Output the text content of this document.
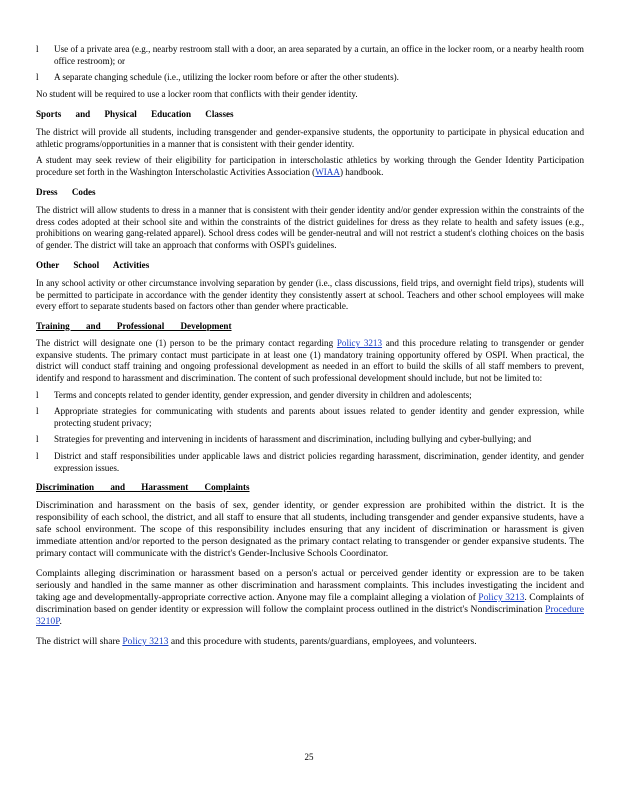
l	Use of a private area (e.g., nearby restroom stall with a door, an area separated by a curtain, an office in the locker room, or a nearby health room office restroom); or
l	A separate changing schedule (i.e., utilizing the locker room before or after the other students).

No student will be required to use a locker room that conflicts with their gender identity.

Sports and Physical Education Classes

The district will provide all students, including transgender and gender-expansive students, the opportunity to participate in physical education and athletic programs/opportunities in a manner that is consistent with their gender identity.

A student may seek review of their eligibility for participation in interscholastic athletics by working through the Gender Identity Participation procedure set forth in the Washington Interscholastic Activities Association (WIAA) handbook.

Dress Codes

The district will allow students to dress in a manner that is consistent with their gender identity and/or gender expression within the constraints of the dress codes adopted at their school site and within the constraints of the district guidelines for dress as they relate to health and safety issues (e.g., prohibitions on wearing gang-related apparel). School dress codes will be gender-neutral and will not restrict a student's clothing choices on the basis of gender. The district will take an approach that conforms with OSPI's guidelines.

Other School Activities

In any school activity or other circumstance involving separation by gender (i.e., class discussions, field trips, and overnight field trips), students will be permitted to participate in accordance with the gender identity they consistently assert at school. Teachers and other school employees will make every effort to separate students based on factors other than gender where practicable.

Training and Professional Development

The district will designate one (1) person to be the primary contact regarding Policy 3213 and this procedure relating to transgender or gender expansive students. The primary contact must participate in at least one (1) mandatory training opportunity offered by OSPI. When practical, the district will conduct staff training and ongoing professional development as needed in an effort to build the skills of all staff members to prevent, identify and respond to harassment and discrimination. The content of such professional development should include, but not be limited to:

l	Terms and concepts related to gender identity, gender expression, and gender diversity in children and adolescents;
l	Appropriate strategies for communicating with students and parents about issues related to gender identity and gender expression, while protecting student privacy;
l	Strategies for preventing and intervening in incidents of harassment and discrimination, including bullying and cyber-bullying; and
l	District and staff responsibilities under applicable laws and district policies regarding harassment, discrimination, gender identity, and gender expression issues.
Discrimination and Harassment Complaints

Discrimination and harassment on the basis of sex, gender identity, or gender expression are prohibited within the district. It is the responsibility of each school, the district, and all staff to ensure that all students, including transgender and gender expansive students, have a safe school environment. The scope of this responsibility includes ensuring that any incident of discrimination or harassment is given immediate attention and/or reported to the person designated as the primary contact relating to transgender or gender expansive students. The primary contact will communicate with the district's Gender-Inclusive Schools Coordinator.

Complaints alleging discrimination or harassment based on a person's actual or perceived gender identity or expression are to be taken seriously and handled in the same manner as other discrimination and harassment complaints. This includes investigating the incident and taking age and developmentally-appropriate corrective action. Anyone may file a complaint alleging a violation of Policy 3213. Complaints of discrimination based on gender identity or expression will follow the complaint process outlined in the district's Nondiscrimination Procedure 3210P.

The district will share Policy 3213 and this procedure with students, parents/guardians, employees, and volunteers.

25
